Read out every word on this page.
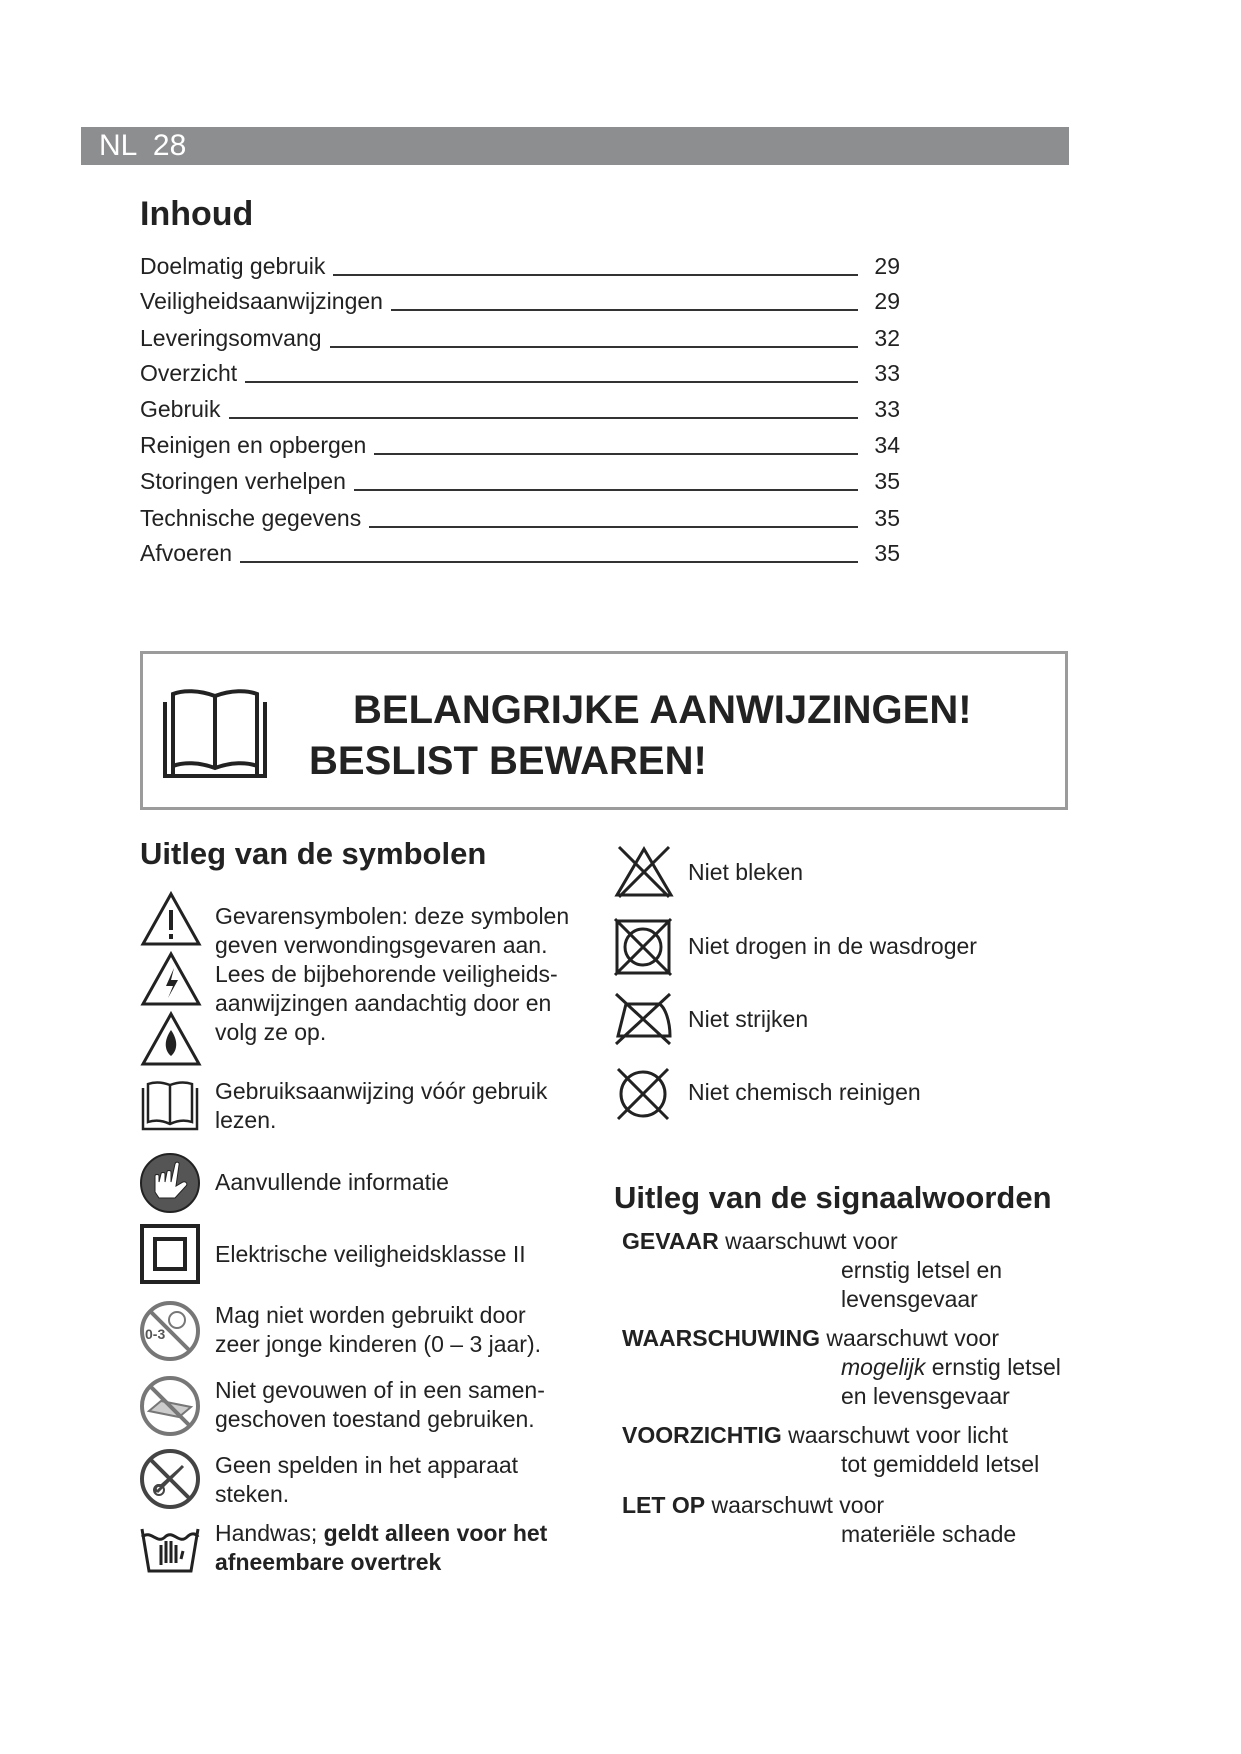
NL 28
Inhoud
Doelmatig gebruik	29
Veiligheidsaanwijzingen	29
Leveringsomvang	32
Overzicht	33
Gebruik	33
Reinigen en opbergen	34
Storingen verhelpen	35
Technische gegevens	35
Afvoeren	35
BELANGRIJKE AANWIJZINGEN!
BESLIST BEWAREN!
Uitleg van de symbolen
Gevarensymbolen: deze symbolen
geven verwondingsgevaren aan.
Lees de bijbehorende veiligheids-
aanwijzingen aandachtig door en
volg ze op.
Gebruiksaanwijzing vóór gebruik
lezen.
Aanvullende informatie
Elektrische veiligheidsklasse II
0-3
Mag niet worden gebruikt door
zeer jonge kinderen (0 – 3 jaar).
Niet gevouwen of in een samen-
geschoven toestand gebruiken.
Geen spelden in het apparaat
steken.
Handwas; geldt alleen voor het
afneembare overtrek
Niet bleken
Niet drogen in de wasdroger
Niet strijken
Niet chemisch reinigen
Uitleg van de signaalwoorden
GEVAAR waarschuwt voor
ernstig letsel en
levensgevaar
WAARSCHUWING waarschuwt voor
mogelijk ernstig letsel
en levensgevaar
VOORZICHTIG waarschuwt voor licht
tot gemiddeld letsel
LET OP waarschuwt voor
materiële schade
